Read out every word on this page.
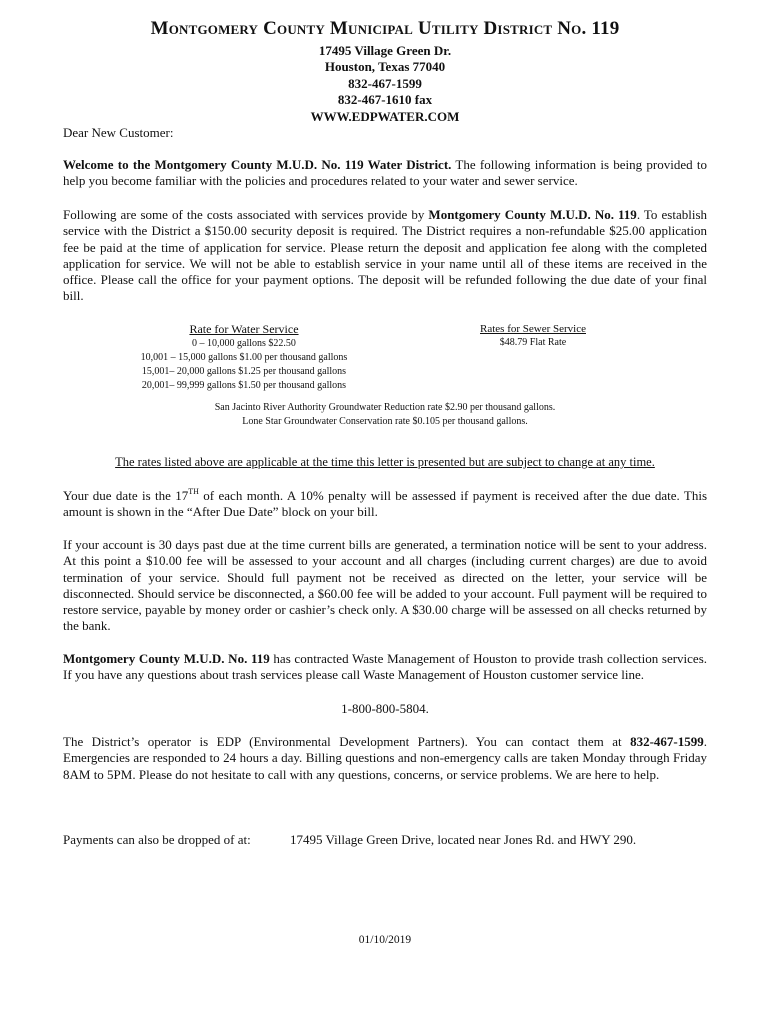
Montgomery County Municipal Utility District No. 119
17495 Village Green Dr.
Houston, Texas 77040
832-467-1599
832-467-1610 fax
WWW.EDPWATER.COM
Dear New Customer:

Welcome to the Montgomery County M.U.D. No. 119 Water District. The following information is being provided to help you become familiar with the policies and procedures related to your water and sewer service.

Following are some of the costs associated with services provide by Montgomery County M.U.D. No. 119. To establish service with the District a $150.00 security deposit is required. The District requires a non-refundable $25.00 application fee be paid at the time of application for service. Please return the deposit and application fee along with the completed application for service. We will not be able to establish service in your name until all of these items are received in the office. Please call the office for your payment options. The deposit will be refunded following the due date of your final bill.

Rate for Water Service
0 – 10,000 gallons $22.50
10,001 – 15,000 gallons $1.00 per thousand gallons
15,001– 20,000 gallons $1.25 per thousand gallons
20,001– 99,999 gallons $1.50 per thousand gallons
Rates for Sewer Service
$48.79 Flat Rate
San Jacinto River Authority Groundwater Reduction rate $2.90 per thousand gallons.
Lone Star Groundwater Conservation rate $0.105 per thousand gallons.
The rates listed above are applicable at the time this letter is presented but are subject to change at any time.

Your due date is the 17TH of each month. A 10% penalty will be assessed if payment is received after the due date. This amount is shown in the “After Due Date” block on your bill.

If your account is 30 days past due at the time current bills are generated, a termination notice will be sent to your address. At this point a $10.00 fee will be assessed to your account and all charges (including current charges) are due to avoid termination of your service. Should full payment not be received as directed on the letter, your service will be disconnected. Should service be disconnected, a $60.00 fee will be added to your account. Full payment will be required to restore service, payable by money order or cashier’s check only. A $30.00 charge will be assessed on all checks returned by the bank.

Montgomery County M.U.D. No. 119 has contracted Waste Management of Houston to provide trash collection services. If you have any questions about trash services please call Waste Management of Houston customer service line.

1-800-800-5804.

The District’s operator is EDP (Environmental Development Partners). You can contact them at 832-467-1599. Emergencies are responded to 24 hours a day. Billing questions and non-emergency calls are taken Monday through Friday 8AM to 5PM. Please do not hesitate to call with any questions, concerns, or service problems. We are here to help.

Payments can also be dropped of at:	17495 Village Green Drive, located near Jones Rd. and HWY 290.
01/10/2019
